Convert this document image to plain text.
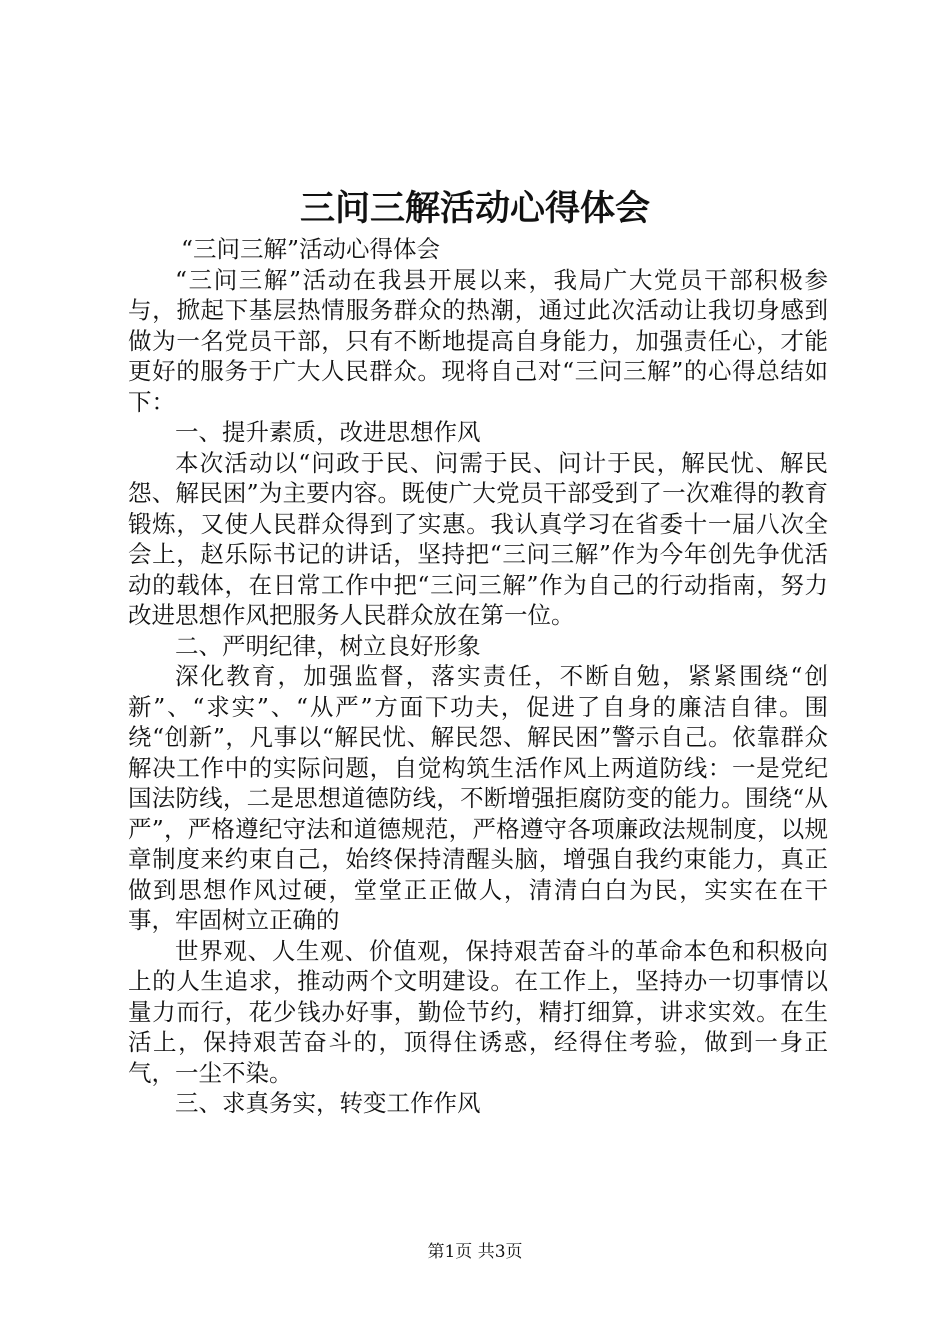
三问三解活动心得体会

“三问三解”活动心得体会

“三问三解”活动在我县开展以来，我局广大党员干部积极参与，掀起下基层热情服务群众的热潮，通过此次活动让我切身感到做为一名党员干部，只有不断地提高自身能力，加强责任心，才能更好的服务于广大人民群众。现将自己对“三问三解”的心得总结如下：

一、提升素质，改进思想作风

本次活动以“问政于民、问需于民、问计于民，解民忧、解民怨、解民困”为主要内容。既使广大党员干部受到了一次难得的教育锻炼，又使人民群众得到了实惠。我认真学习在省委十一届八次全会上，赵乐际书记的讲话，坚持把“三问三解”作为今年创先争优活动的载体，在日常工作中把“三问三解”作为自己的行动指南，努力改进思想作风把服务人民群众放在第一位。

二、严明纪律，树立良好形象

深化教育，加强监督，落实责任，不断自勉，紧紧围绕“创新”、“求实”、“从严”方面下功夫，促进了自身的廉洁自律。围绕“创新”，凡事以“解民忧、解民怨、解民困”警示自己。依靠群众解决工作中的实际问题，自觉构筑生活作风上两道防线：一是党纪国法防线，二是思想道德防线，不断增强拒腐防变的能力。围绕“从严”，严格遵纪守法和道德规范，严格遵守各项廉政法规制度，以规章制度来约束自己，始终保持清醒头脑，增强自我约束能力，真正做到思想作风过硬，堂堂正正做人，清清白白为民，实实在在干事，牢固树立正确的

世界观、人生观、价值观，保持艰苦奋斗的革命本色和积极向上的人生追求，推动两个文明建设。在工作上，坚持办一切事情以量力而行，花少钱办好事，勤俭节约，精打细算，讲求实效。在生活上，保持艰苦奋斗的，顶得住诱惑，经得住考验，做到一身正气，一尘不染。

三、求真务实，转变工作作风

第1页 共3页
